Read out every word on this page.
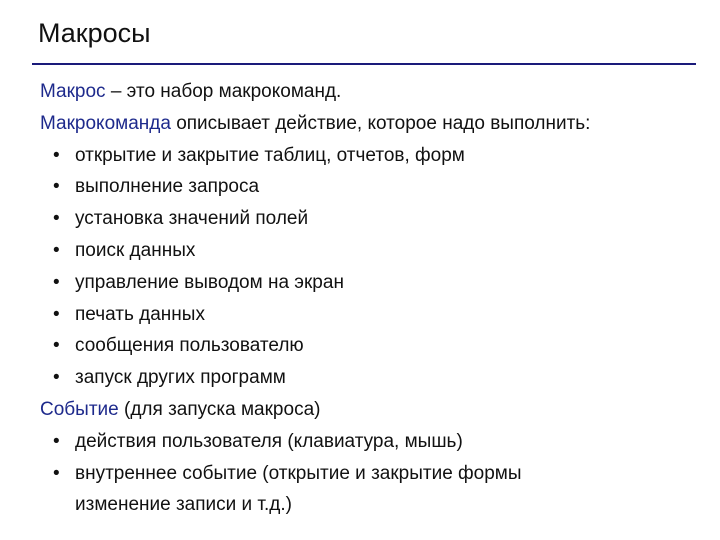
Макросы
Макрос – это набор макрокоманд.
Макрокоманда описывает действие, которое надо выполнить:
• открытие и закрытие таблиц, отчетов, форм
• выполнение запроса
• установка значений полей
• поиск данных
• управление выводом на экран
• печать данных
• сообщения пользователю
• запуск других программ
Событие (для запуска макроса)
• действия пользователя (клавиатура, мышь)
• внутреннее событие (открытие и закрытие формы
изменение записи и т.д.)
